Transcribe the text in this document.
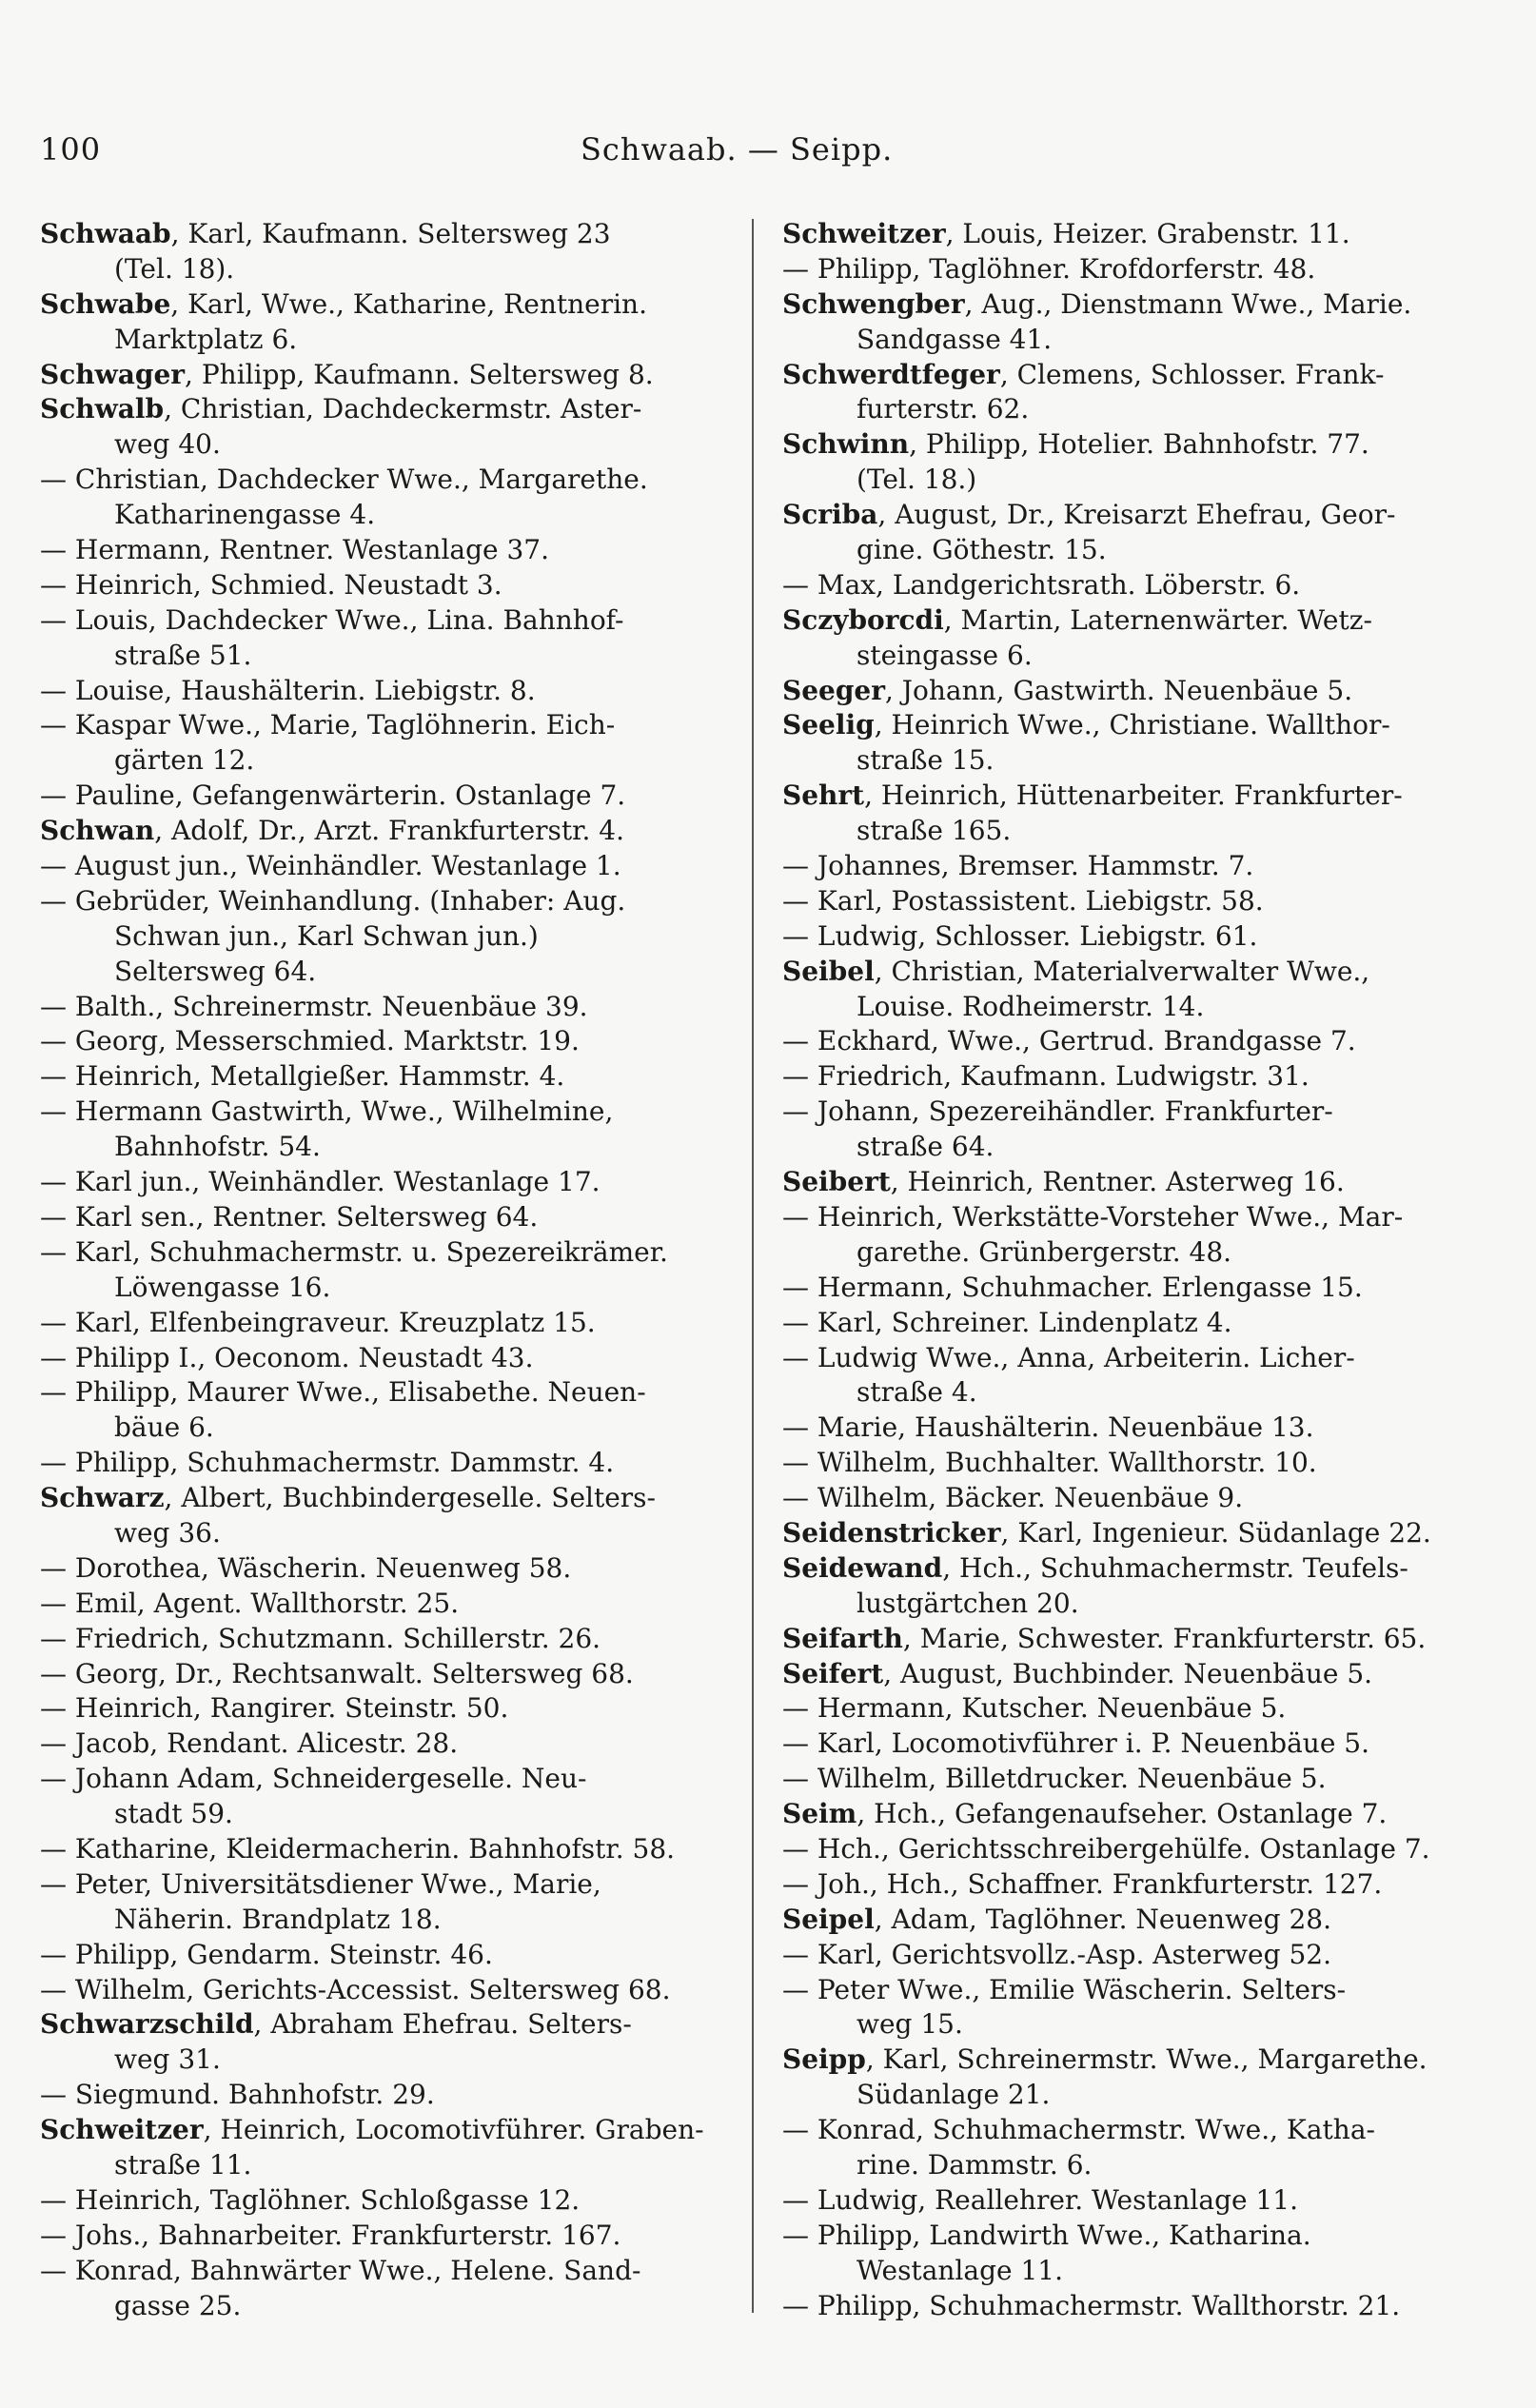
100	Schwaab. — Seipp.
Schwaab, Karl, Kaufmann. Seltersweg 23
(Tel. 18).
Schwabe, Karl, Wwe., Katharine, Rentnerin.
Marktplatz 6.
Schwager, Philipp, Kaufmann. Seltersweg 8.
Schwalb, Christian, Dachdeckermstr. Aster-
weg 40.
— Christian, Dachdecker Wwe., Margarethe.
Katharinengasse 4.
— Hermann, Rentner. Westanlage 37.
— Heinrich, Schmied. Neustadt 3.
— Louis, Dachdecker Wwe., Lina. Bahnhof-
straße 51.
— Louise, Haushälterin. Liebigstr. 8.
— Kaspar Wwe., Marie, Taglöhnerin. Eich-
gärten 12.
— Pauline, Gefangenwärterin. Ostanlage 7.
Schwan, Adolf, Dr., Arzt. Frankfurterstr. 4.
— August jun., Weinhändler. Westanlage 1.
— Gebrüder, Weinhandlung. (Inhaber: Aug.
Schwan jun., Karl Schwan jun.)
Seltersweg 64.
— Balth., Schreinermstr. Neuenbäue 39.
— Georg, Messerschmied. Marktstr. 19.
— Heinrich, Metallgießer. Hammstr. 4.
— Hermann Gastwirth, Wwe., Wilhelmine,
Bahnhofstr. 54.
— Karl jun., Weinhändler. Westanlage 17.
— Karl sen., Rentner. Seltersweg 64.
— Karl, Schuhmachermstr. u. Spezereikrämer.
Löwengasse 16.
— Karl, Elfenbeingraveur. Kreuzplatz 15.
— Philipp I., Oeconom. Neustadt 43.
— Philipp, Maurer Wwe., Elisabethe. Neuen-
bäue 6.
— Philipp, Schuhmachermstr. Dammstr. 4.
Schwarz, Albert, Buchbindergeselle. Selters-
weg 36.
— Dorothea, Wäscherin. Neuenweg 58.
— Emil, Agent. Wallthorstr. 25.
— Friedrich, Schutzmann. Schillerstr. 26.
— Georg, Dr., Rechtsanwalt. Seltersweg 68.
— Heinrich, Rangirer. Steinstr. 50.
— Jacob, Rendant. Alicestr. 28.
— Johann Adam, Schneidergeselle. Neu-
stadt 59.
— Katharine, Kleidermacherin. Bahnhofstr. 58.
— Peter, Universitätsdiener Wwe., Marie,
Näherin. Brandplatz 18.
— Philipp, Gendarm. Steinstr. 46.
— Wilhelm, Gerichts-Accessist. Seltersweg 68.
Schwarzschild, Abraham Ehefrau. Selters-
weg 31.
— Siegmund. Bahnhofstr. 29.
Schweitzer, Heinrich, Locomotivführer. Graben-
straße 11.
— Heinrich, Taglöhner. Schloßgasse 12.
— Johs., Bahnarbeiter. Frankfurterstr. 167.
— Konrad, Bahnwärter Wwe., Helene. Sand-
gasse 25.
Schweitzer, Louis, Heizer. Grabenstr. 11.
— Philipp, Taglöhner. Krofdorferstr. 48.
Schwengber, Aug., Dienstmann Wwe., Marie.
Sandgasse 41.
Schwerdtfeger, Clemens, Schlosser. Frank-
furterstr. 62.
Schwinn, Philipp, Hotelier. Bahnhofstr. 77.
(Tel. 18.)
Scriba, August, Dr., Kreisarzt Ehefrau, Geor-
gine. Göthestr. 15.
— Max, Landgerichtsrath. Löberstr. 6.
Sczyborcdi, Martin, Laternenwärter. Wetz-
steingasse 6.
Seeger, Johann, Gastwirth. Neuenbäue 5.
Seelig, Heinrich Wwe., Christiane. Wallthor-
straße 15.
Sehrt, Heinrich, Hüttenarbeiter. Frankfurter-
straße 165.
— Johannes, Bremser. Hammstr. 7.
— Karl, Postassistent. Liebigstr. 58.
— Ludwig, Schlosser. Liebigstr. 61.
Seibel, Christian, Materialverwalter Wwe.,
Louise. Rodheimerstr. 14.
— Eckhard, Wwe., Gertrud. Brandgasse 7.
— Friedrich, Kaufmann. Ludwigstr. 31.
— Johann, Spezereihändler. Frankfurter-
straße 64.
Seibert, Heinrich, Rentner. Asterweg 16.
— Heinrich, Werkstätte-Vorsteher Wwe., Mar-
garethe. Grünbergerstr. 48.
— Hermann, Schuhmacher. Erlengasse 15.
— Karl, Schreiner. Lindenplatz 4.
— Ludwig Wwe., Anna, Arbeiterin. Licher-
straße 4.
— Marie, Haushälterin. Neuenbäue 13.
— Wilhelm, Buchhalter. Wallthorstr. 10.
— Wilhelm, Bäcker. Neuenbäue 9.
Seidenstricker, Karl, Ingenieur. Südanlage 22.
Seidewand, Hch., Schuhmachermstr. Teufels-
lustgärtchen 20.
Seifarth, Marie, Schwester. Frankfurterstr. 65.
Seifert, August, Buchbinder. Neuenbäue 5.
— Hermann, Kutscher. Neuenbäue 5.
— Karl, Locomotivführer i. P. Neuenbäue 5.
— Wilhelm, Billetdrucker. Neuenbäue 5.
Seim, Hch., Gefangenaufseher. Ostanlage 7.
— Hch., Gerichtsschreibergehülfe. Ostanlage 7.
— Joh., Hch., Schaffner. Frankfurterstr. 127.
Seipel, Adam, Taglöhner. Neuenweg 28.
— Karl, Gerichtsvollz.-Asp. Asterweg 52.
— Peter Wwe., Emilie Wäscherin. Selters-
weg 15.
Seipp, Karl, Schreinermstr. Wwe., Margarethe.
Südanlage 21.
— Konrad, Schuhmachermstr. Wwe., Katha-
rine. Dammstr. 6.
— Ludwig, Reallehrer. Westanlage 11.
— Philipp, Landwirth Wwe., Katharina.
Westanlage 11.
— Philipp, Schuhmachermstr. Wallthorstr. 21.
